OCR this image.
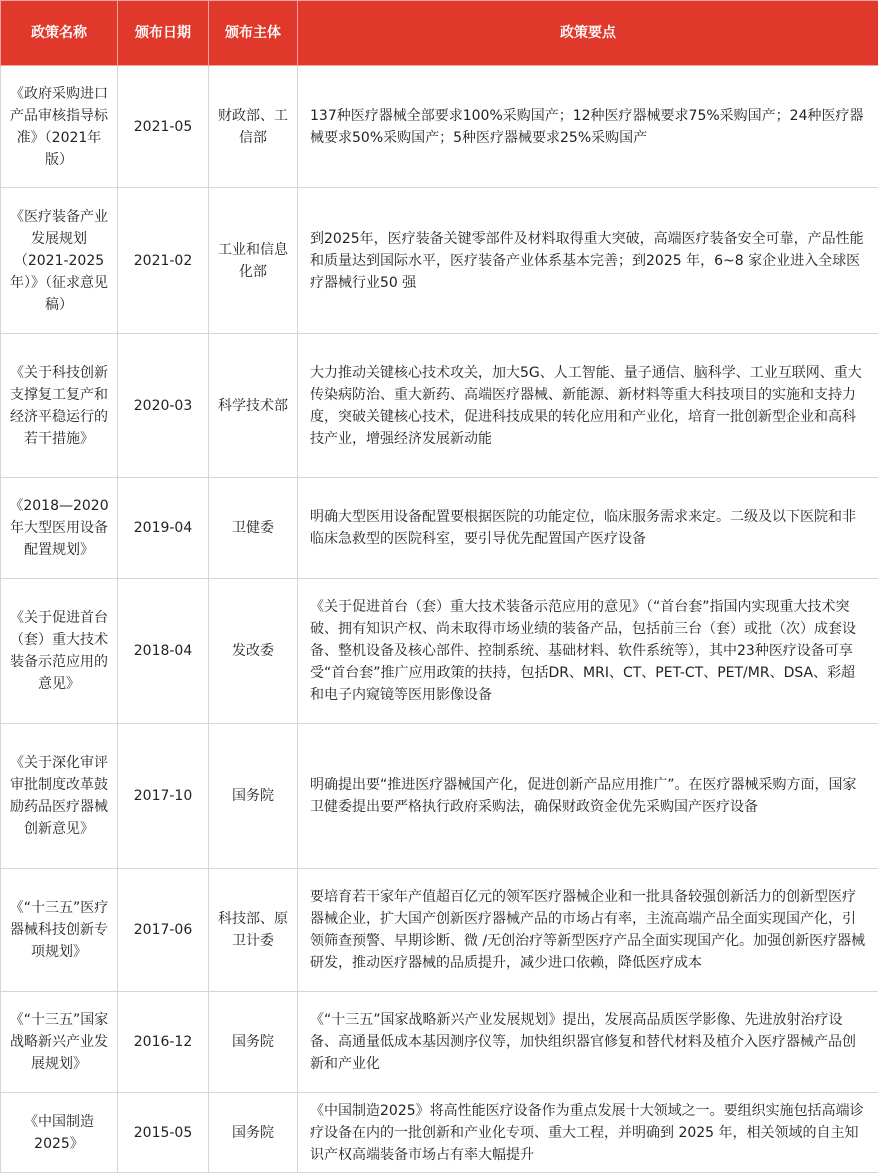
政策名称	颁布日期	颁布主体	政策要点
《政府采购进口产品审核指导标准》（2021年版）	2021-05	财政部、工信部	137种医疗器械全部要求100%采购国产；12种医疗器械要求75%采购国产；24种医疗器械要求50%采购国产；5种医疗器械要求25%采购国产
《医疗装备产业发展规划（2021-2025年）》（征求意见稿）	2021-02	工业和信息化部	到2025年，医疗装备关键零部件及材料取得重大突破，高端医疗装备安全可靠，产品性能和质量达到国际水平，医疗装备产业体系基本完善；到2025 年，6~8 家企业进入全球医疗器械行业50 强
《关于科技创新支撑复工复产和经济平稳运行的若干措施》	2020-03	科学技术部	大力推动关键核心技术攻关，加大5G、人工智能、量子通信、脑科学、工业互联网、重大传染病防治、重大新药、高端医疗器械、新能源、新材料等重大科技项目的实施和支持力度，突破关键核心技术，促进科技成果的转化应用和产业化，培育一批创新型企业和高科技产业，增强经济发展新动能
《2018—2020年大型医用设备配置规划》	2019-04	卫健委	明确大型医用设备配置要根据医院的功能定位，临床服务需求来定。二级及以下医院和非临床急救型的医院科室，要引导优先配置国产医疗设备
《关于促进首台（套）重大技术装备示范应用的意见》	2018-04	发改委	《关于促进首台（套）重大技术装备示范应用的意见》（“首台套”指国内实现重大技术突破、拥有知识产权、尚未取得市场业绩的装备产品，包括前三台（套）或批（次）成套设备、整机设备及核心部件、控制系统、基础材料、软件系统等），其中23种医疗设备可享受“首台套”推广应用政策的扶持，包括DR、MRI、CT、PET-CT、PET/MR、DSA、彩超和电子内窥镜等医用影像设备
《关于深化审评审批制度改革鼓励药品医疗器械创新意见》	2017-10	国务院	明确提出要“推进医疗器械国产化，促进创新产品应用推广”。在医疗器械采购方面，国家卫健委提出要严格执行政府采购法，确保财政资金优先采购国产医疗设备
《“十三五”医疗器械科技创新专项规划》	2017-06	科技部、原卫计委	要培育若干家年产值超百亿元的领军医疗器械企业和一批具备较强创新活力的创新型医疗器械企业，扩大国产创新医疗器械产品的市场占有率，主流高端产品全面实现国产化，引领筛查预警、早期诊断、微 /无创治疗等新型医疗产品全面实现国产化。加强创新医疗器械研发，推动医疗器械的品质提升，减少进口依赖，降低医疗成本
《“十三五”国家战略新兴产业发展规划》	2016-12	国务院	《“十三五”国家战略新兴产业发展规划》提出，发展高品质医学影像、先进放射治疗设备、高通量低成本基因测序仪等，加快组织器官修复和替代材料及植介入医疗器械产品创新和产业化
《中国制造2025》	2015-05	国务院	《中国制造2025》将高性能医疗设备作为重点发展十大领域之一。要组织实施包括高端诊疗设备在内的一批创新和产业化专项、重大工程，并明确到 2025 年，相关领域的自主知识产权高端装备市场占有率大幅提升
